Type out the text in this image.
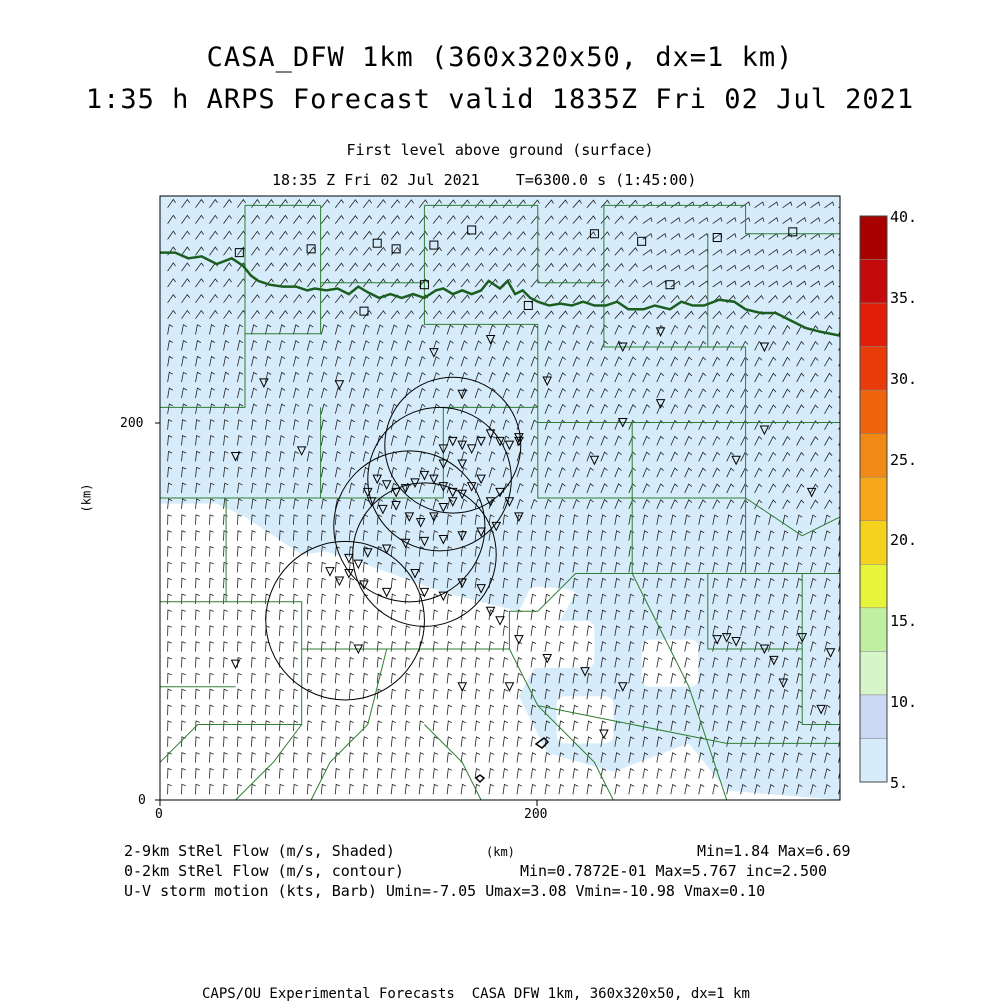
CASA_DFW 1km (360x320x50, dx=1 km)
1:35 h ARPS Forecast valid 1835Z Fri 02 Jul 2021
First level above ground (surface)
18:35 Z Fri 02 Jul 2021    T=6300.0 s (1:45:00)
200
0
0	200
(km)
5.
10.
15.
20.
25.
30.
35.
40.
2-9km StRel Flow (m/s, Shaded)	(km)	Min=1.84 Max=6.69
0-2km StRel Flow (m/s, contour)	Min=0.7872E-01 Max=5.767 inc=2.500
U-V storm motion (kts, Barb) Umin=-7.05 Umax=3.08 Vmin=-10.98 Vmax=0.10
CAPS/OU Experimental Forecasts  CASA DFW 1km, 360x320x50, dx=1 km
